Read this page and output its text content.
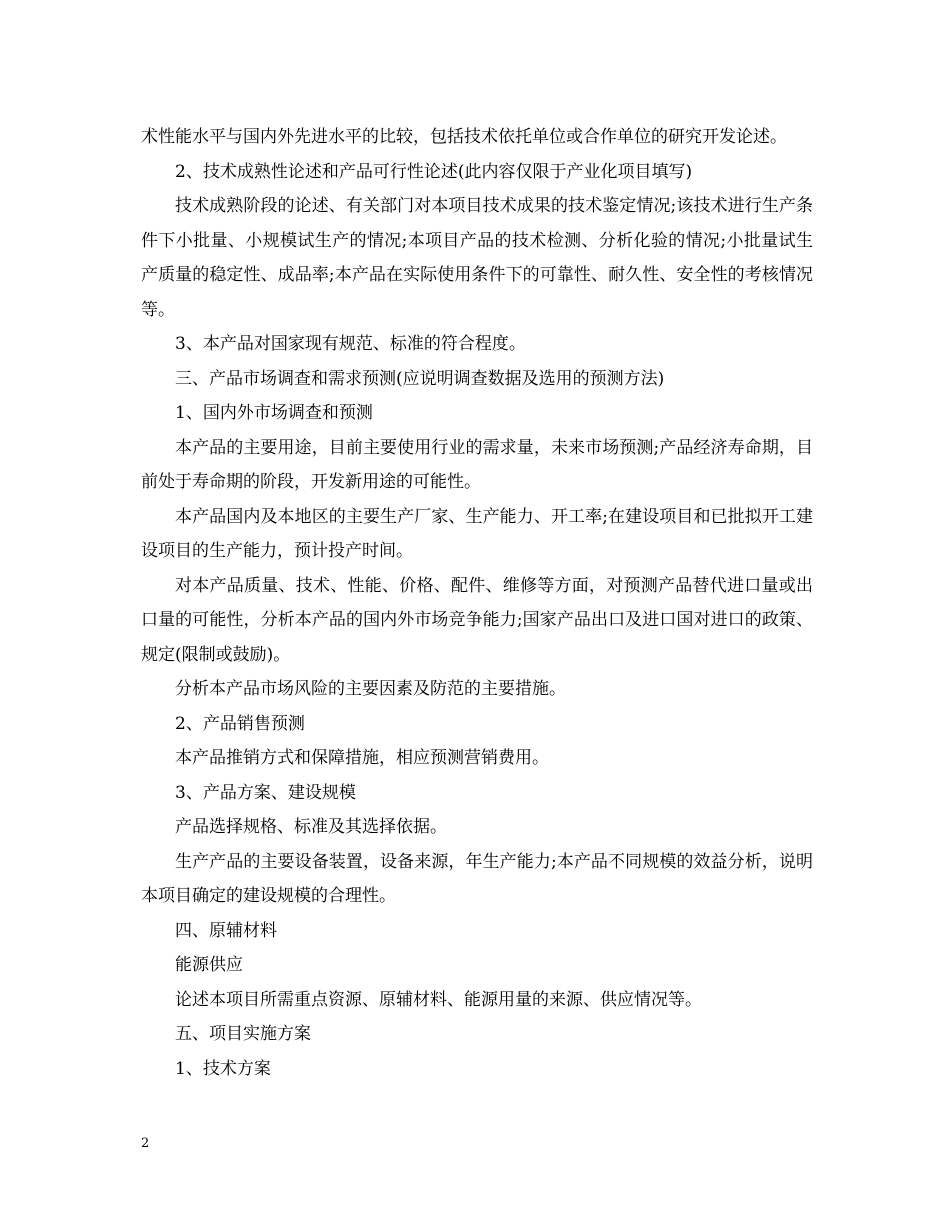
术性能水平与国内外先进水平的比较，包括技术依托单位或合作单位的研究开发论述。

2、技术成熟性论述和产品可行性论述(此内容仅限于产业化项目填写)

技术成熟阶段的论述、有关部门对本项目技术成果的技术鉴定情况;该技术进行生产条件下小批量、小规模试生产的情况;本项目产品的技术检测、分析化验的情况;小批量试生产质量的稳定性、成品率;本产品在实际使用条件下的可靠性、耐久性、安全性的考核情况等。

3、本产品对国家现有规范、标准的符合程度。

三、产品市场调查和需求预测(应说明调查数据及选用的预测方法)

1、国内外市场调查和预测

本产品的主要用途，目前主要使用行业的需求量，未来市场预测;产品经济寿命期，目前处于寿命期的阶段，开发新用途的可能性。

本产品国内及本地区的主要生产厂家、生产能力、开工率;在建设项目和已批拟开工建设项目的生产能力，预计投产时间。

对本产品质量、技术、性能、价格、配件、维修等方面，对预测产品替代进口量或出口量的可能性，分析本产品的国内外市场竞争能力;国家产品出口及进口国对进口的政策、规定(限制或鼓励)。

分析本产品市场风险的主要因素及防范的主要措施。

2、产品销售预测

本产品推销方式和保障措施，相应预测营销费用。

3、产品方案、建设规模

产品选择规格、标准及其选择依据。

生产产品的主要设备装置，设备来源，年生产能力;本产品不同规模的效益分析，说明本项目确定的建设规模的合理性。

四、原辅材料

能源供应

论述本项目所需重点资源、原辅材料、能源用量的来源、供应情况等。

五、项目实施方案

1、技术方案

2
